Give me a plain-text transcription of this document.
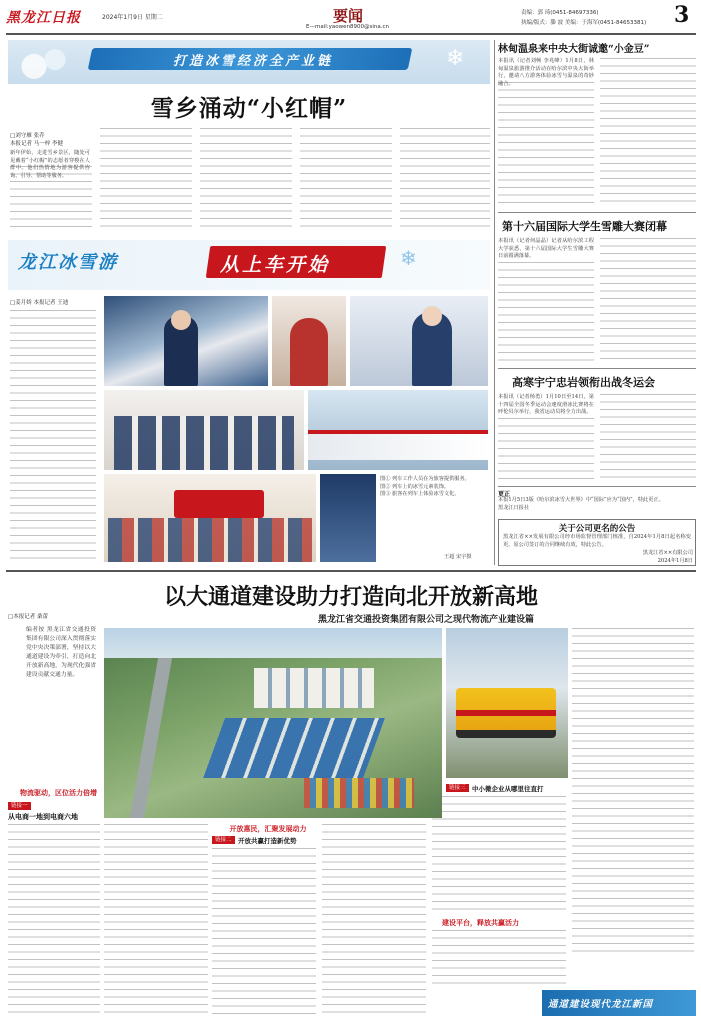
黑龙江日报	2024年1月9日 星期二	要闻
E—mail:yaowen8900@sina.cn
责编：郭 琦(0451-84697336)
执编/版式：滕 波 美编：于海军(0451-84653381) 3
打造冰雪经济全产业链	❄
雪乡涌动“小红帽”
□刘守雁 张乔
本报记者 马一梓 李健
新年伊始，走进雪乡景区，随处可见戴着“小红帽”的志愿者穿梭在人群中。他们热情地为游客提供咨询、引导、帮助等服务。
龙江冰雪游	从上车开始	❄
□姜月娇 本报记者 王迪
图① 列车工作人员在为旅客提供服务。
图② 列车上的冰雪元素装饰。
图③ 旅客在列车上体验冰雪文化。
王超 宋宇摄
林甸温泉来中央大街诚邀“小金豆”
本报讯（记者刘畅 李兆峰）1月8日，林甸温泉旅游推介活动在哈尔滨中央大街举行，邀请八方游客体验冰雪与温泉的奇妙融合。
第十六届国际大学生雪雕大赛闭幕
本报讯（记者何晶晶）记者从哈尔滨工程大学获悉，第十六届国际大学生雪雕大赛日前圆满落幕。
高寒宇宁忠岩领衔出战冬运会
本报讯（记者杨勇）1月10日至14日，第十四届全国冬季运动会速度滑冰比赛将在呼伦贝尔举行，我省运动员将全力出战。
更正
本报1月5日3版《哈尔滨冰雪大世界》中“国际”应为“国内”，特此更正。
黑龙江日报社
关于公司更名的公告
黑龙江省××发展有限公司经市场监督管理部门核准，自2024年1月8日起名称变更。原公司签订的合同继续有效，特此公告。
黑龙江省××有限公司
2024年1月8日
以大通道建设助力打造向北开放新高地
黑龙江省交通投资集团有限公司之现代物流产业建设篇
□本报记者 桑蕾
编者按 黑龙江省交通投资集团有限公司深入贯彻落实党中央决策部署，坚持以大通道建设为牵引，打造向北开放新高地，为现代化强省建设贡献交通力量。
物流驱动，区位活力倍增
链接一
从电商一地到电商六地
开放惠民，汇聚发展动力
链接二 开放共赢打造新优势
链接三 中小微企业从哪里往直打
建设平台，释放共赢活力
通道建设现代龙江新国
